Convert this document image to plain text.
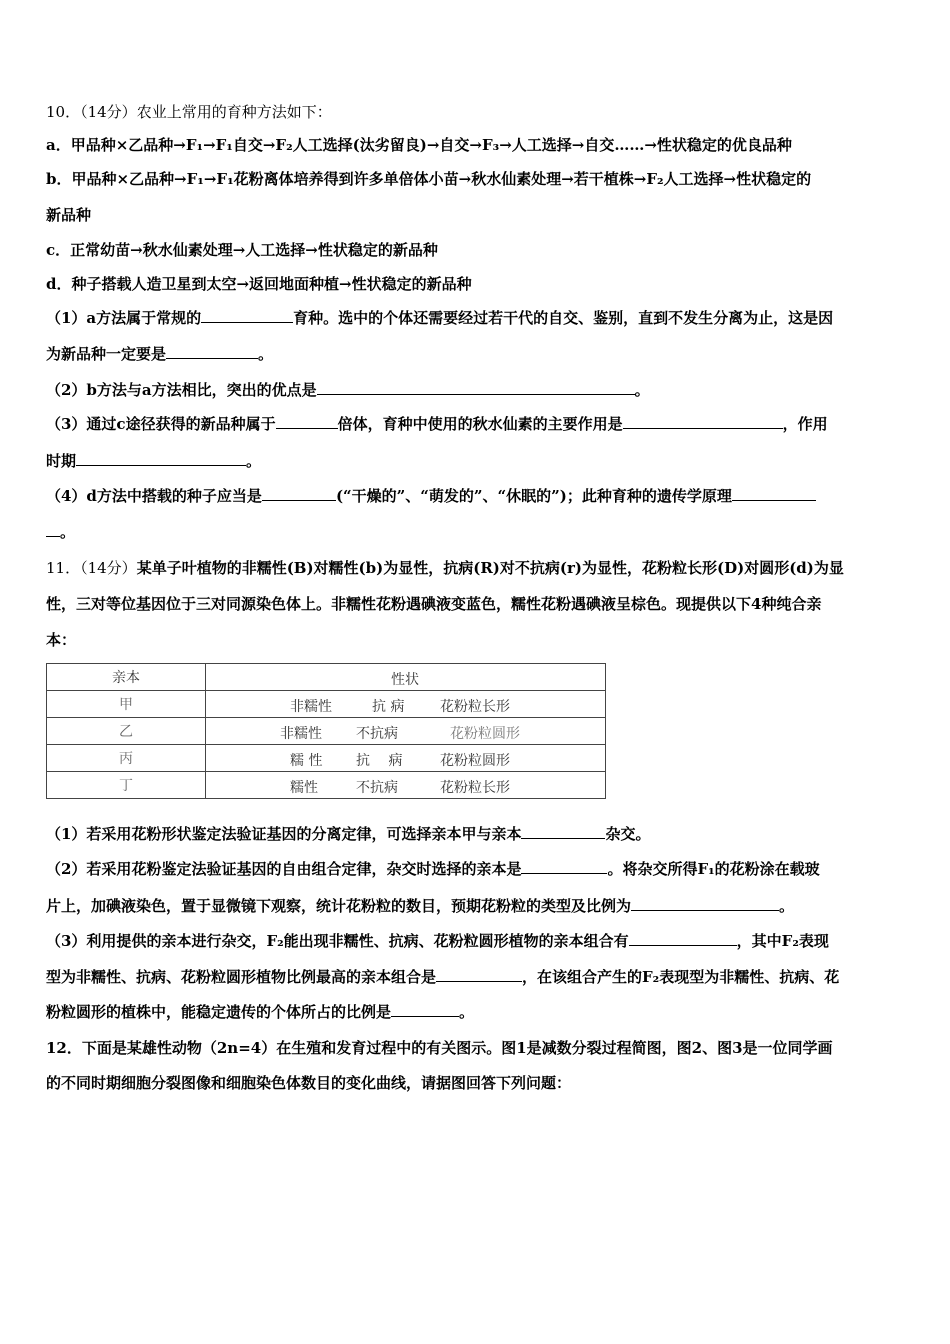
10．（14分）农业上常用的育种方法如下：
a．甲品种×乙品种→F₁→F₁自交→F₂人工选择(汰劣留良)→自交→F₃→人工选择→自交……→性状稳定的优良品种
b．甲品种×乙品种→F₁→F₁花粉离体培养得到许多单倍体小苗→秋水仙素处理→若干植株→F₂人工选择→性状稳定的
新品种
c．正常幼苗→秋水仙素处理→人工选择→性状稳定的新品种
d．种子搭载人造卫星到太空→返回地面种植→性状稳定的新品种
（1）a方法属于常规的	育种。选中的个体还需要经过若干代的自交、鉴别，直到不发生分离为止，这是因
为新品种一定要是	。
（2）b方法与a方法相比，突出的优点是	。
（3）通过c途径获得的新品种属于	倍体，育种中使用的秋水仙素的主要作用是	，作用
时期	。
（4）d方法中搭载的种子应当是	(“干燥的”、“萌发的”、“休眠的”)；此种育种的遗传学原理
。
11．（14分）某单子叶植物的非糯性(B)对糯性(b)为显性，抗病(R)对不抗病(r)为显性，花粉粒长形(D)对圆形(d)为显
性，三对等位基因位于三对同源染色体上。非糯性花粉遇碘液变蓝色，糯性花粉遇碘液呈棕色。现提供以下4种纯合亲
本：
亲本	性状

甲	非糯性 抗 病 花粉粒长形

乙	非糯性 不抗病 花粉粒圆形

丙	糯 性 抗　 病 花粉粒圆形

丁	糯性 不抗病 花粉粒长形
（1）若采用花粉形状鉴定法验证基因的分离定律，可选择亲本甲与亲本	杂交。
（2）若采用花粉鉴定法验证基因的自由组合定律，杂交时选择的亲本是	。将杂交所得F₁的花粉涂在载玻
片上，加碘液染色，置于显微镜下观察，统计花粉粒的数目，预期花粉粒的类型及比例为	。
（3）利用提供的亲本进行杂交，F₂能出现非糯性、抗病、花粉粒圆形植物的亲本组合有	，其中F₂表现
型为非糯性、抗病、花粉粒圆形植物比例最高的亲本组合是	，在该组合产生的F₂表现型为非糯性、抗病、花
粉粒圆形的植株中，能稳定遗传的个体所占的比例是	。
12．下面是某雄性动物（2n=4）在生殖和发育过程中的有关图示。图1是减数分裂过程简图，图2、图3是一位同学画
的不同时期细胞分裂图像和细胞染色体数目的变化曲线，请据图回答下列问题：
